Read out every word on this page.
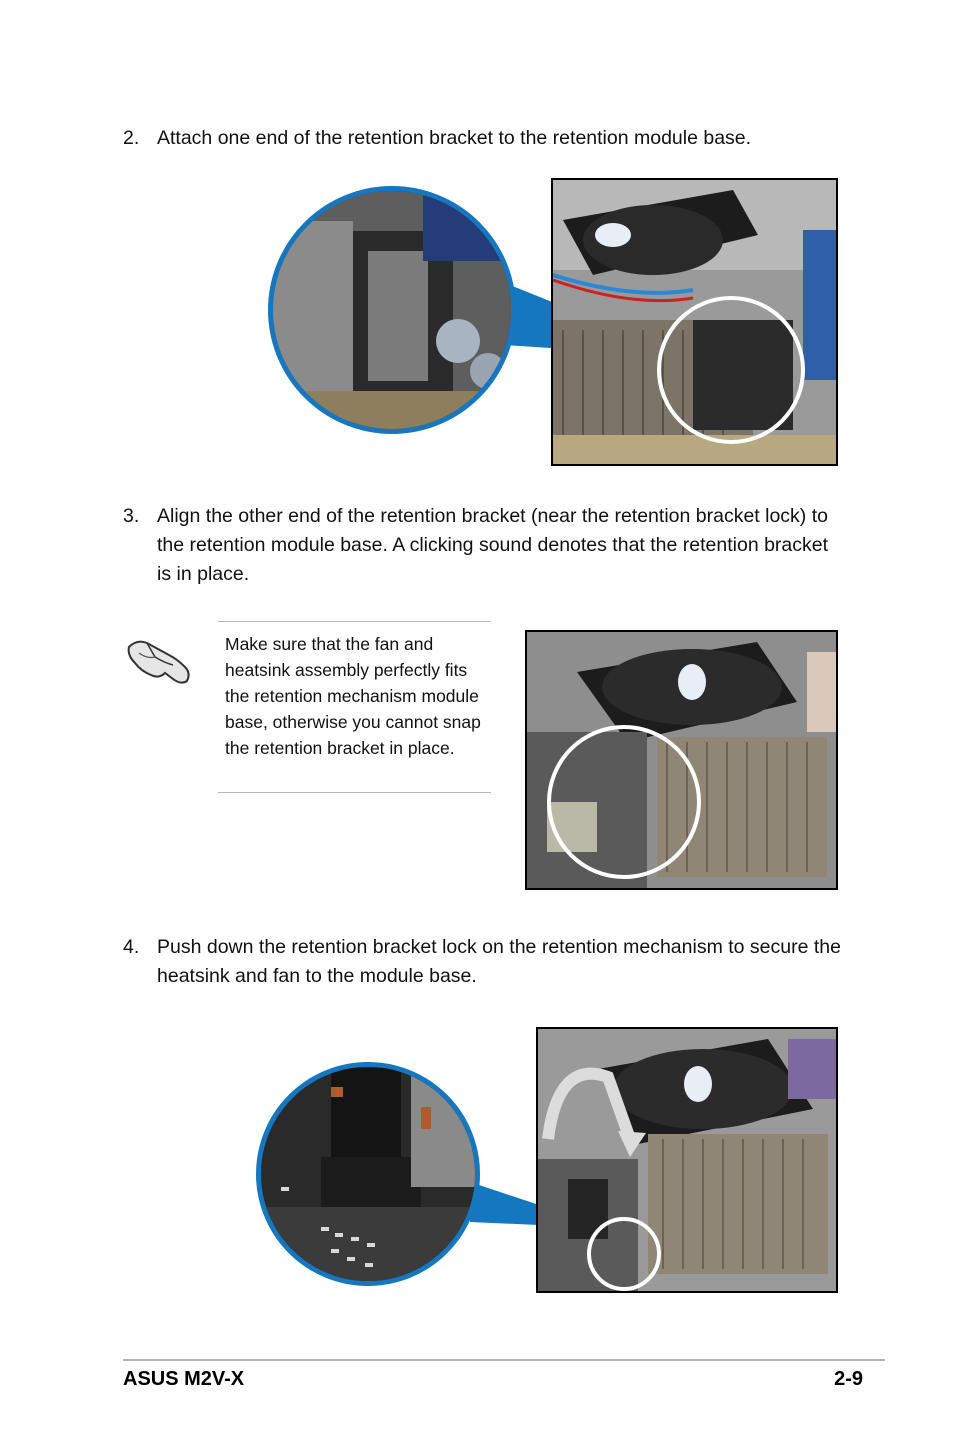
2. Attach one end of the retention bracket to the retention module base.
3. Align the other end of the retention bracket (near the retention bracket lock) to the retention module base. A clicking sound denotes that the retention bracket is in place.
Make sure that the fan and heatsink assembly perfectly fits the retention mechanism module base, otherwise you cannot snap the retention bracket in place.
4. Push down the retention bracket lock on the retention mechanism to secure the heatsink and fan to the module base.
ASUS M2V-X	2-9
